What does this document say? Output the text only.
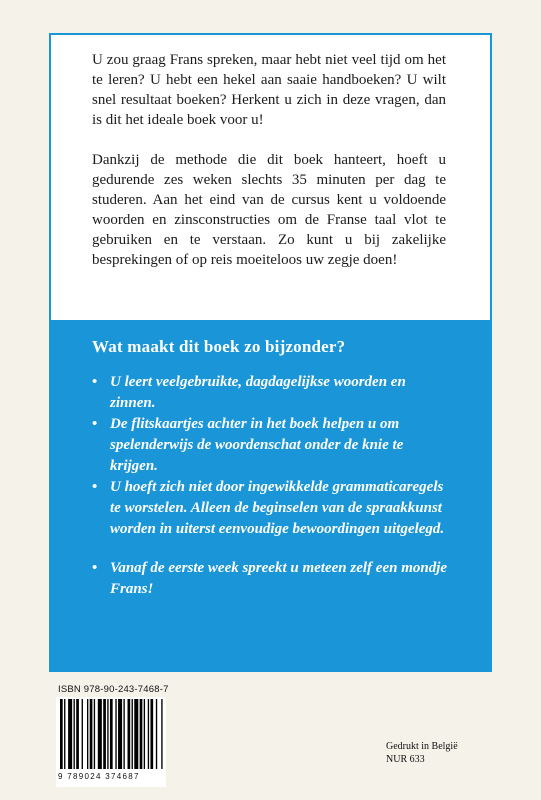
U zou graag Frans spreken, maar hebt niet veel tijd om het te leren? U hebt een hekel aan saaie handboeken? U wilt snel resultaat boeken? Herkent u zich in deze vragen, dan is dit het ideale boek voor u!

Dankzij de methode die dit boek hanteert, hoeft u gedurende zes weken slechts 35 minuten per dag te studeren. Aan het eind van de cursus kent u voldoende woorden en zinsconstructies om de Franse taal vlot te gebruiken en te verstaan. Zo kunt u bij zakelijke besprekingen of op reis moeiteloos uw zegje doen!

Wat maakt dit boek zo bijzonder?
• U leert veelgebruikte, dagdagelijkse woorden en zinnen.
• De flitskaartjes achter in het boek helpen u om spelenderwijs de woordenschat onder de knie te krijgen.
• U hoeft zich niet door ingewikkelde grammaticaregels te worstelen. Alleen de beginselen van de spraakkunst worden in uiterst eenvoudige bewoordingen uitgelegd.
• Vanaf de eerste week spreekt u meteen zelf een mondje Frans!
ISBN 978-90-243-7468-7
9 789024 374687
Gedrukt in België
NUR 633
